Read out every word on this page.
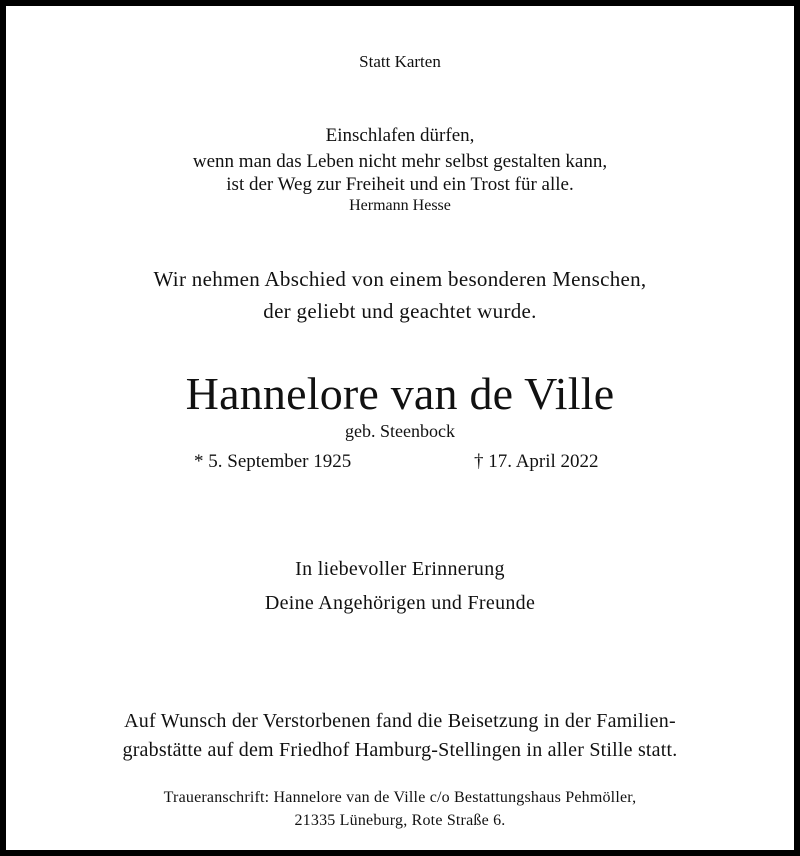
Statt Karten
Einschlafen dürfen,
wenn man das Leben nicht mehr selbst gestalten kann,
ist der Weg zur Freiheit und ein Trost für alle.
Hermann Hesse
Wir nehmen Abschied von einem besonderen Menschen,
der geliebt und geachtet wurde.
Hannelore van de Ville
geb. Steenbock
* 5. September 1925	† 17. April 2022
In liebevoller Erinnerung
Deine Angehörigen und Freunde
Auf Wunsch der Verstorbenen fand die Beisetzung in der Familien-
grabstätte auf dem Friedhof Hamburg-Stellingen in aller Stille statt.
Traueranschrift: Hannelore van de Ville c/o Bestattungshaus Pehmöller,
21335 Lüneburg, Rote Straße 6.
